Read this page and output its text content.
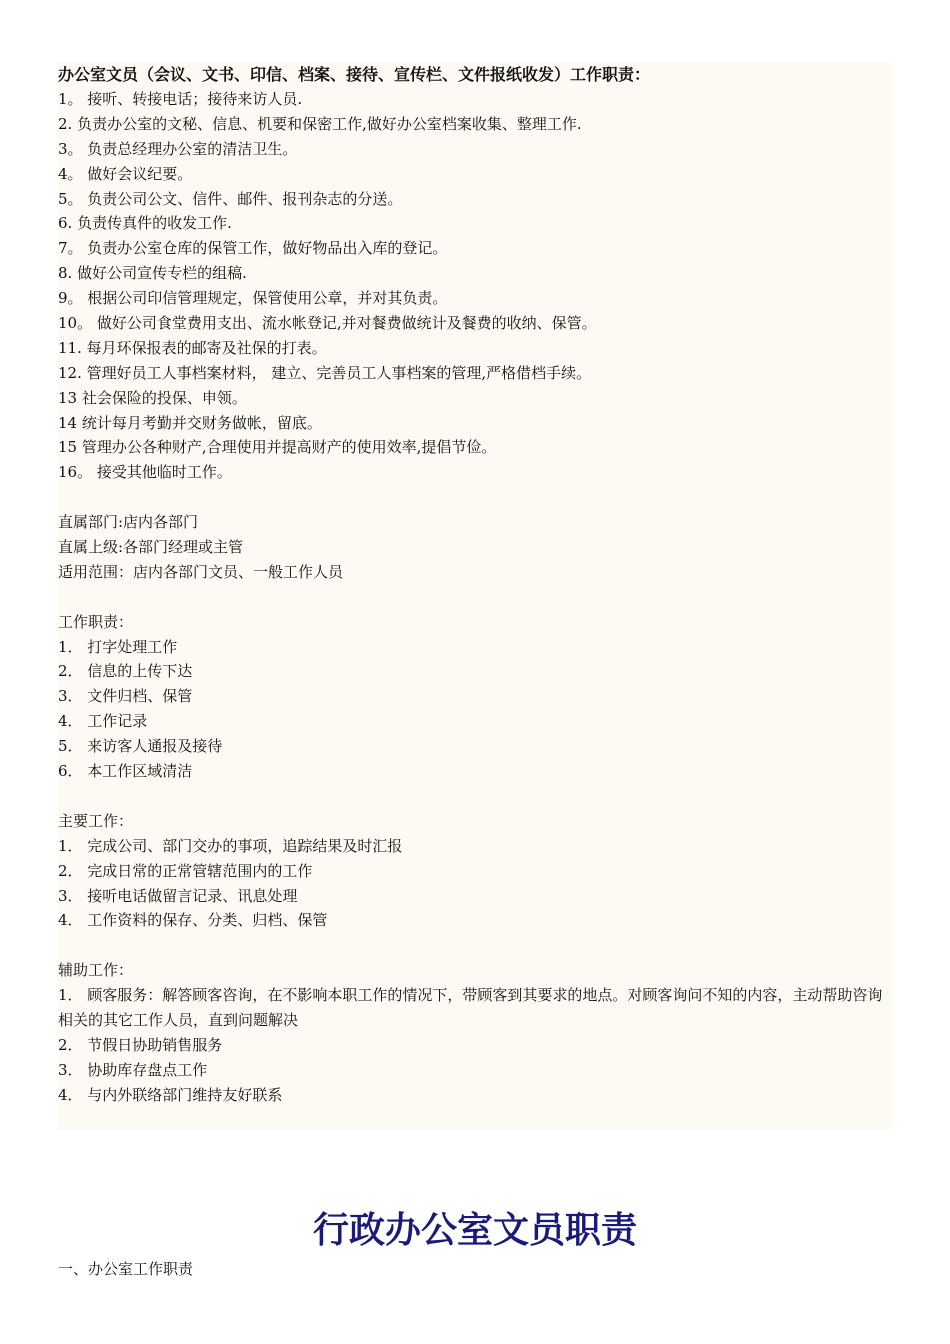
办公室文员（会议、文书、印信、档案、接待、宣传栏、文件报纸收发）工作职责：
1。 接听、转接电话；接待来访人员.
2. 负责办公室的文秘、信息、机要和保密工作,做好办公室档案收集、整理工作.
3。 负责总经理办公室的清洁卫生。
4。 做好会议纪要。
5。 负责公司公文、信件、邮件、报刊杂志的分送。
6. 负责传真件的收发工作.
7。 负责办公室仓库的保管工作，做好物品出入库的登记。
8. 做好公司宣传专栏的组稿.
9。 根据公司印信管理规定，保管使用公章，并对其负责。
10。 做好公司食堂费用支出、流水帐登记,并对餐费做统计及餐费的收纳、保管。
11. 每月环保报表的邮寄及社保的打表。
12. 管理好员工人事档案材料， 建立、完善员工人事档案的管理,严格借档手续。
13 社会保险的投保、申领。
14 统计每月考勤并交财务做帐，留底。
15 管理办公各种财产,合理使用并提高财产的使用效率,提倡节俭。
16。 接受其他临时工作。
直属部门:店内各部门
直属上级:各部门经理或主管
适用范围：店内各部门文员、一般工作人员
工作职责：
1． 打字处理工作
2． 信息的上传下达
3． 文件归档、保管
4． 工作记录
5． 来访客人通报及接待
6． 本工作区域清洁
主要工作：
1． 完成公司、部门交办的事项，追踪结果及时汇报
2． 完成日常的正常管辖范围内的工作
3． 接听电话做留言记录、讯息处理
4． 工作资料的保存、分类、归档、保管
辅助工作：
1． 顾客服务：解答顾客咨询，在不影响本职工作的情况下，带顾客到其要求的地点。对顾客询问不知的内容，主动帮助咨询相关的其它工作人员，直到问题解决
2． 节假日协助销售服务
3． 协助库存盘点工作
4． 与内外联络部门维持友好联系
行政办公室文员职责
一、办公室工作职责
